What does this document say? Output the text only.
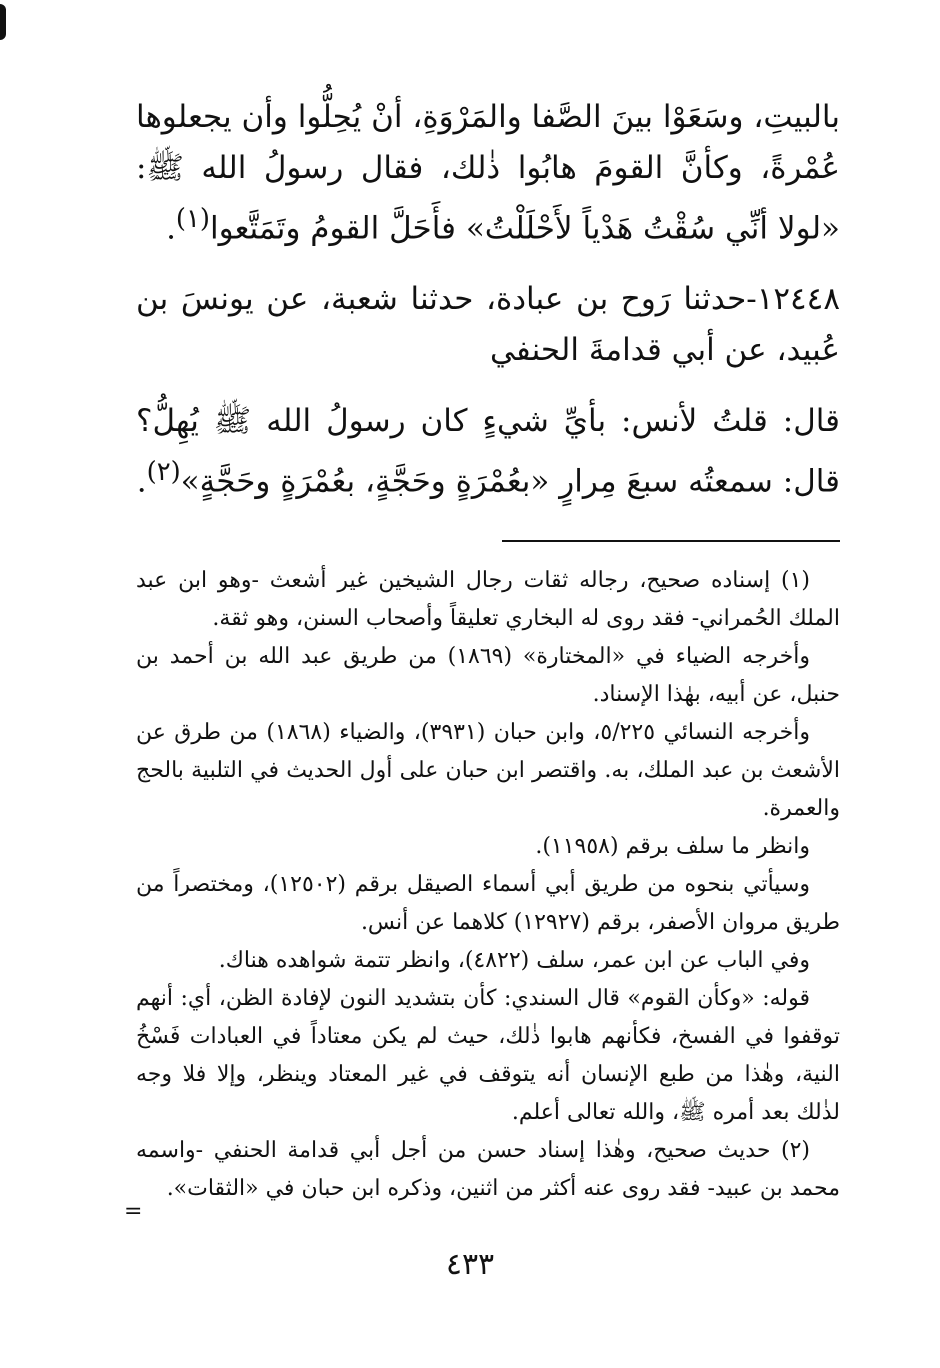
بالبيتِ، وسَعَوْا بينَ الصَّفا والمَرْوَةِ، أنْ يُحِلُّوا وأن يجعلوها عُمْرةً، وكأنَّ القومَ هابُوا ذٰلك، فقال رسولُ الله ﷺ: «لولا أنِّي سُقْتُ هَدْياً لأَحْلَلْتُ» فأَحَلَّ القومُ وتَمَتَّعوا$^{(١)}$.

١٢٤٤٨-حدثنا رَوح بن عبادة، حدثنا شعبة، عن يونسَ بن عُبيد، عن أبي قدامةَ الحنفي

قال: قلتُ لأنس: بأيِّ شيءٍ كان رسولُ الله ﷺ يُهِلُّ؟ قال: سمعتُه سبعَ مِرارٍ «بعُمْرَةٍ وحَجَّةٍ، بعُمْرَةٍ وحَجَّةٍ»$^{(٢)}$.

(١) إسناده صحيح، رجاله ثقات رجال الشيخين غير أشعث -وهو ابن عبد الملك الحُمراني- فقد روى له البخاري تعليقاً وأصحاب السنن، وهو ثقة.

وأخرجه الضياء في «المختارة» (١٨٦٩) من طريق عبد الله بن أحمد بن حنبل، عن أبيه، بهٰذا الإسناد.

وأخرجه النسائي ٥/٢٢٥، وابن حبان (٣٩٣١)، والضياء (١٨٦٨) من طرق عن الأشعث بن عبد الملك، به. واقتصر ابن حبان على أول الحديث في التلبية بالحج والعمرة.

وانظر ما سلف برقم (١١٩٥٨).

وسيأتي بنحوه من طريق أبي أسماء الصيقل برقم (١٢٥٠٢)، ومختصراً من طريق مروان الأصفر، برقم (١٢٩٢٧) كلاهما عن أنس.

وفي الباب عن ابن عمر، سلف (٤٨٢٢)، وانظر تتمة شواهده هناك.

قوله: «وكأن القوم» قال السندي: كأن بتشديد النون لإفادة الظن، أي: أنهم توقفوا في الفسخ، فكأنهم هابوا ذٰلك، حيث لم يكن معتاداً في العبادات فَسْخُ النية، وهٰذا من طبع الإنسان أنه يتوقف في غير المعتاد وينظر، وإلا فلا وجه لذٰلك بعد أمره ﷺ، والله تعالى أعلم.

(٢) حديث صحيح، وهٰذا إسناد حسن من أجل أبي قدامة الحنفي -واسمه محمد بن عبيد- فقد روى عنه أكثر من اثنين، وذكره ابن حبان في «الثقات».

=
٤٣٣
